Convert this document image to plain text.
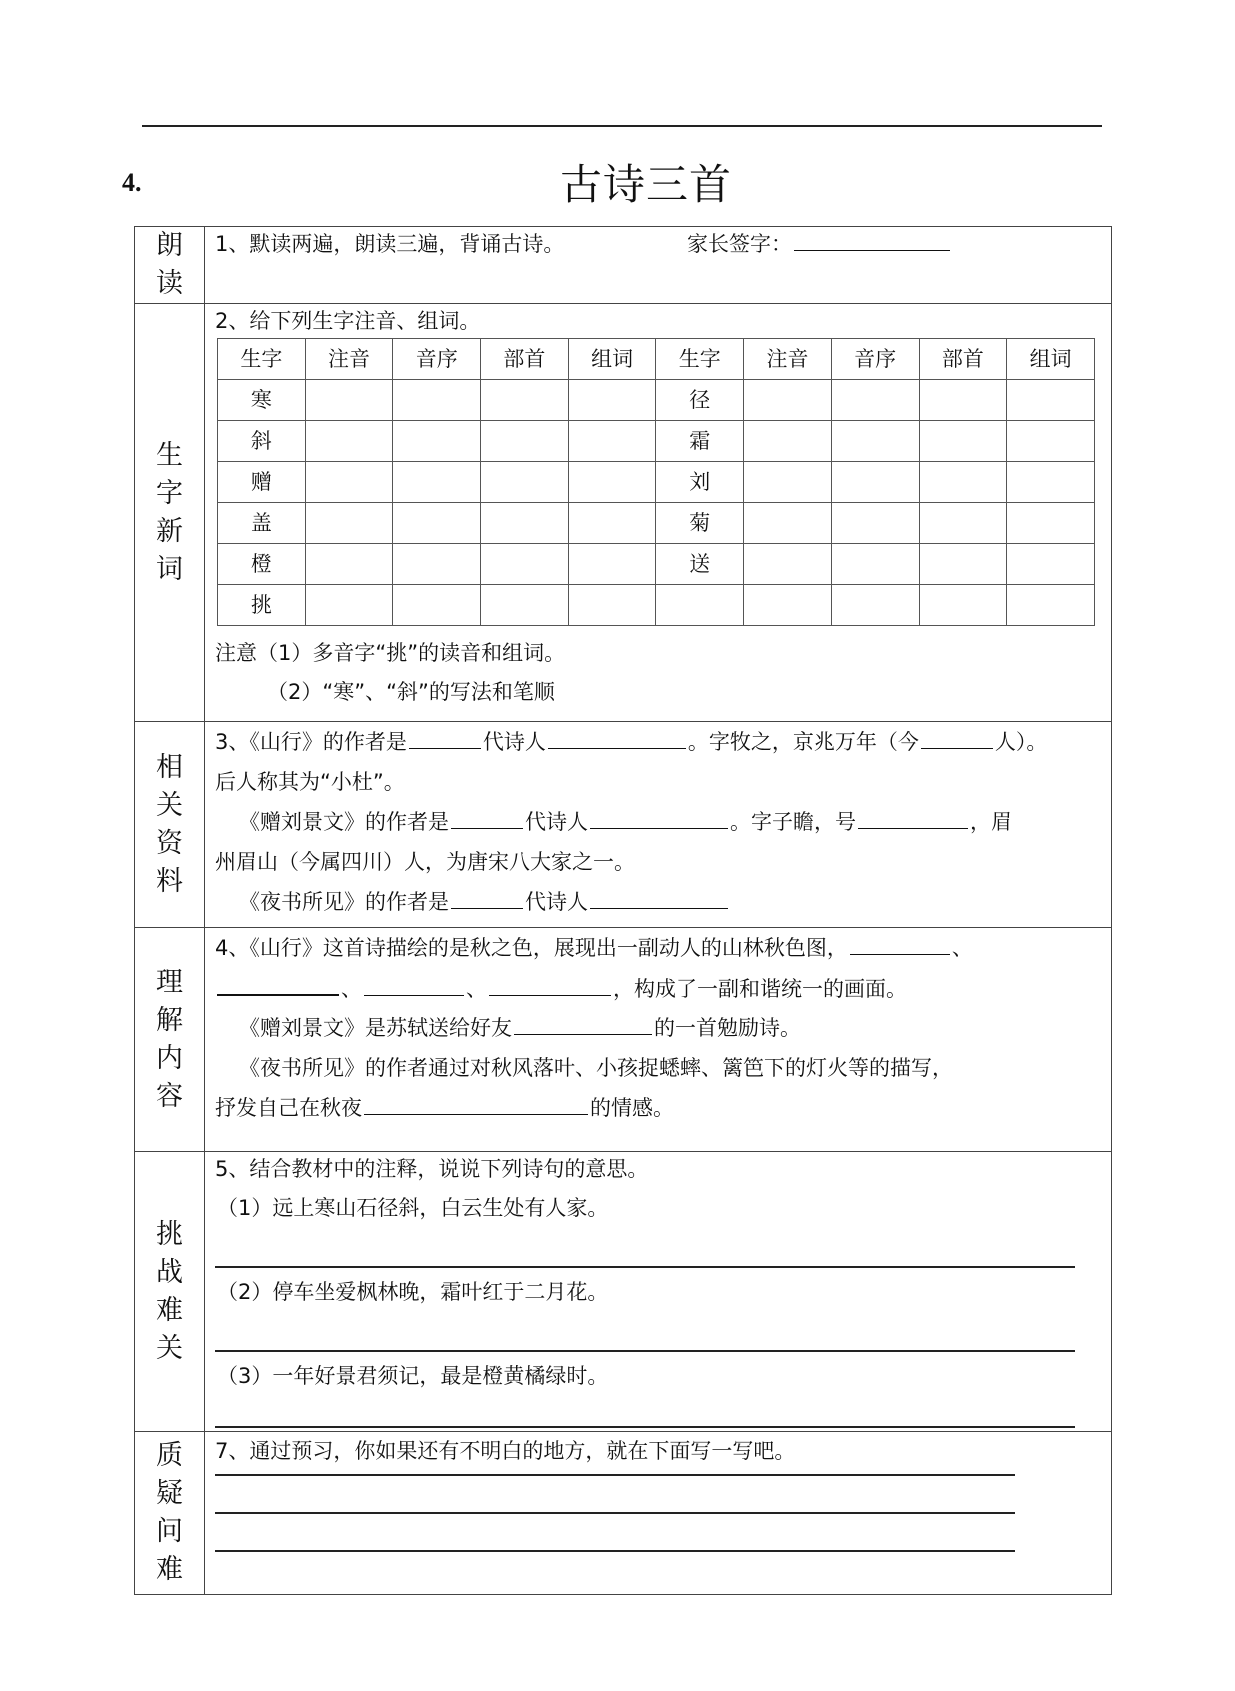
4.	古诗三首
朗
读

1、默读两遍，朗读三遍，背诵古诗。	家长签字：

生
字
新
词

2、给下列生字注音、组词。
生字	注音	音序	部首	组词	生字	注音	音序	部首	组词
寒					径				
斜					霜				
赠					刘				
盖					菊				
橙					送				
挑									
注意（1）多音字“挑”的读音和组词。
（2）“寒”、“斜”的写法和笔顺

相
关
资
料

3、《山行》的作者是	代诗人	。字牧之，京兆万年（今	人）。
后人称其为“小杜”。
《赠刘景文》的作者是	代诗人	。字子瞻，号	，眉
州眉山（今属四川）人，为唐宋八大家之一。
《夜书所见》的作者是	代诗人

理
解
内
容

4、《山行》这首诗描绘的是秋之色，展现出一副动人的山林秋色图，	、
、	、	，构成了一副和谐统一的画面。
《赠刘景文》是苏轼送给好友	的一首勉励诗。
《夜书所见》的作者通过对秋风落叶、小孩捉蟋蟀、篱笆下的灯火等的描写，
抒发自己在秋夜	的情感。

挑
战
难
关

5、结合教材中的注释，说说下列诗句的意思。
（1）远上寒山石径斜，白云生处有人家。
（2）停车坐爱枫林晚，霜叶红于二月花。
（3）一年好景君须记，最是橙黄橘绿时。

质
疑
问
难

7、通过预习，你如果还有不明白的地方，就在下面写一写吧。
